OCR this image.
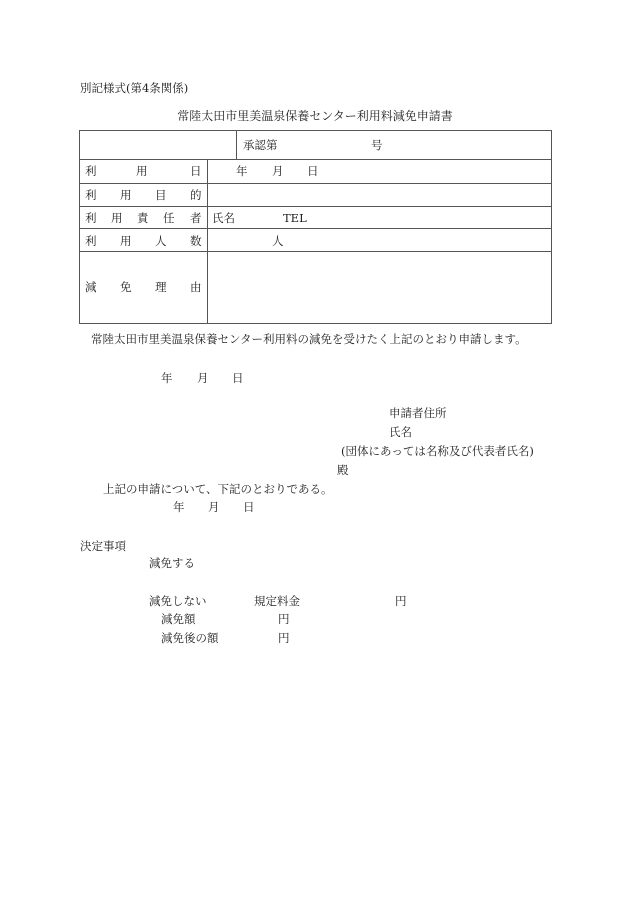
別記様式(第4条関係)
常陸太田市里美温泉保養センター利用料減免申請書
承認第	号
利	用	日	年 月 日
利 用 目 的
利 用 責 任 者 氏名	TEL
利 用 人 数	人
減 免 理 由
常陸太田市里美温泉保養センター利用料の減免を受けたく上記のとおり申請します。
年 月 日
申請者住所
氏名
(団体にあっては名称及び代表者氏名)
殿
上記の申請について、下記のとおりである。
年 月 日
決定事項
減免する
減免しない	規定料金	円
減免額	円
減免後の額	円
